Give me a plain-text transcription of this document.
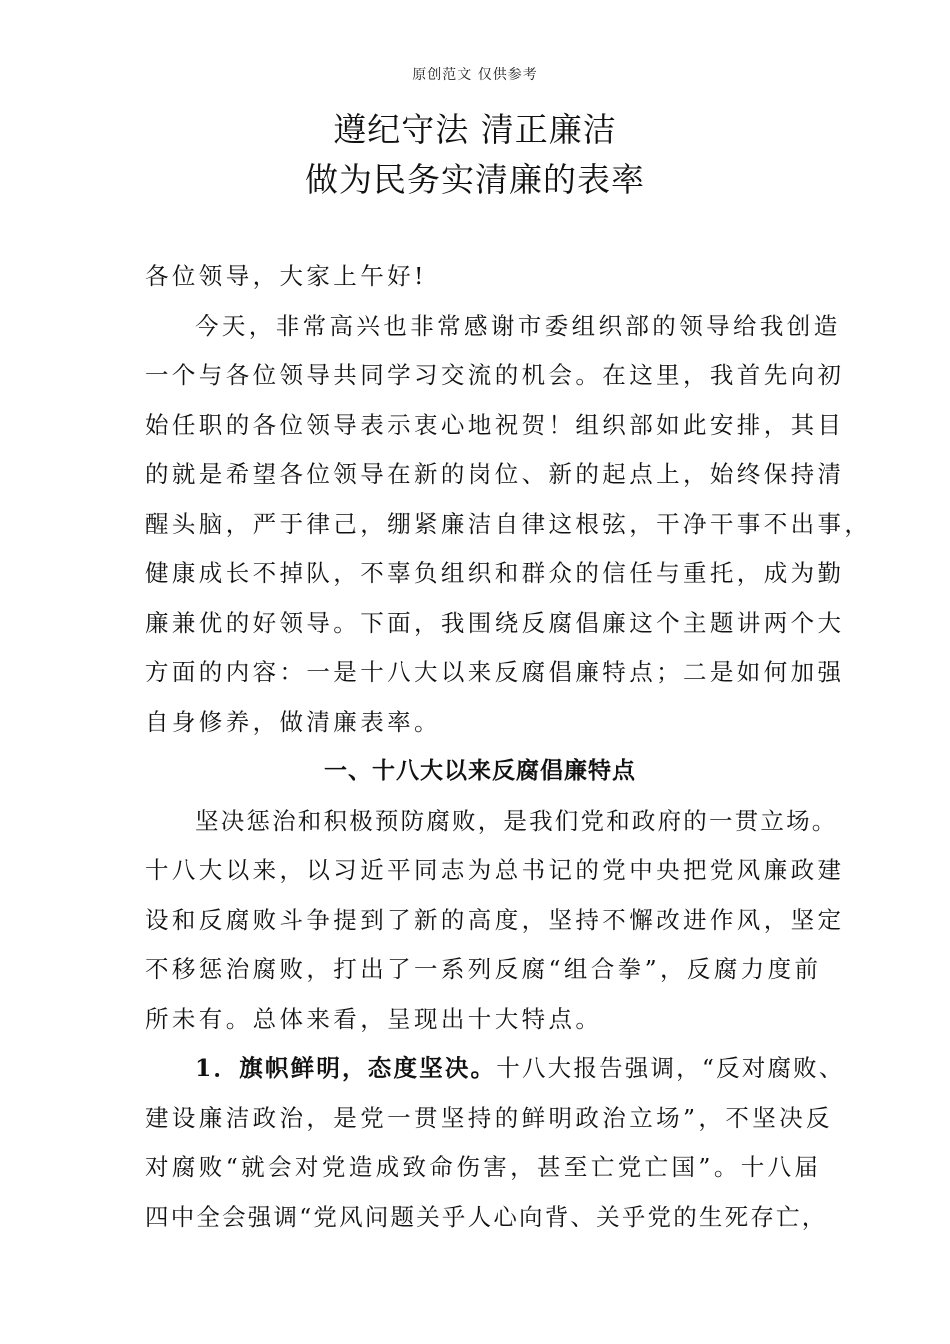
原创范文 仅供参考
遵纪守法 清正廉洁
做为民务实清廉的表率
各位领导，大家上午好!
今天，非常高兴也非常感谢市委组织部的领导给我创造
一个与各位领导共同学习交流的机会。在这里，我首先向初
始任职的各位领导表示衷心地祝贺！组织部如此安排，其目
的就是希望各位领导在新的岗位、新的起点上，始终保持清
醒头脑，严于律己，绷紧廉洁自律这根弦，干净干事不出事，
健康成长不掉队，不辜负组织和群众的信任与重托，成为勤
廉兼优的好领导。下面，我围绕反腐倡廉这个主题讲两个大
方面的内容：一是十八大以来反腐倡廉特点；二是如何加强
自身修养，做清廉表率。
一、十八大以来反腐倡廉特点
坚决惩治和积极预防腐败，是我们党和政府的一贯立场。
十八大以来，以习近平同志为总书记的党中央把党风廉政建
设和反腐败斗争提到了新的高度，坚持不懈改进作风，坚定
不移惩治腐败，打出了一系列反腐“组合拳”，反腐力度前
所未有。总体来看，呈现出十大特点。
1．旗帜鲜明，态度坚决。十八大报告强调，“反对腐败、
建设廉洁政治，是党一贯坚持的鲜明政治立场”，不坚决反
对腐败“就会对党造成致命伤害，甚至亡党亡国”。十八届
四中全会强调“党风问题关乎人心向背、关乎党的生死存亡，
